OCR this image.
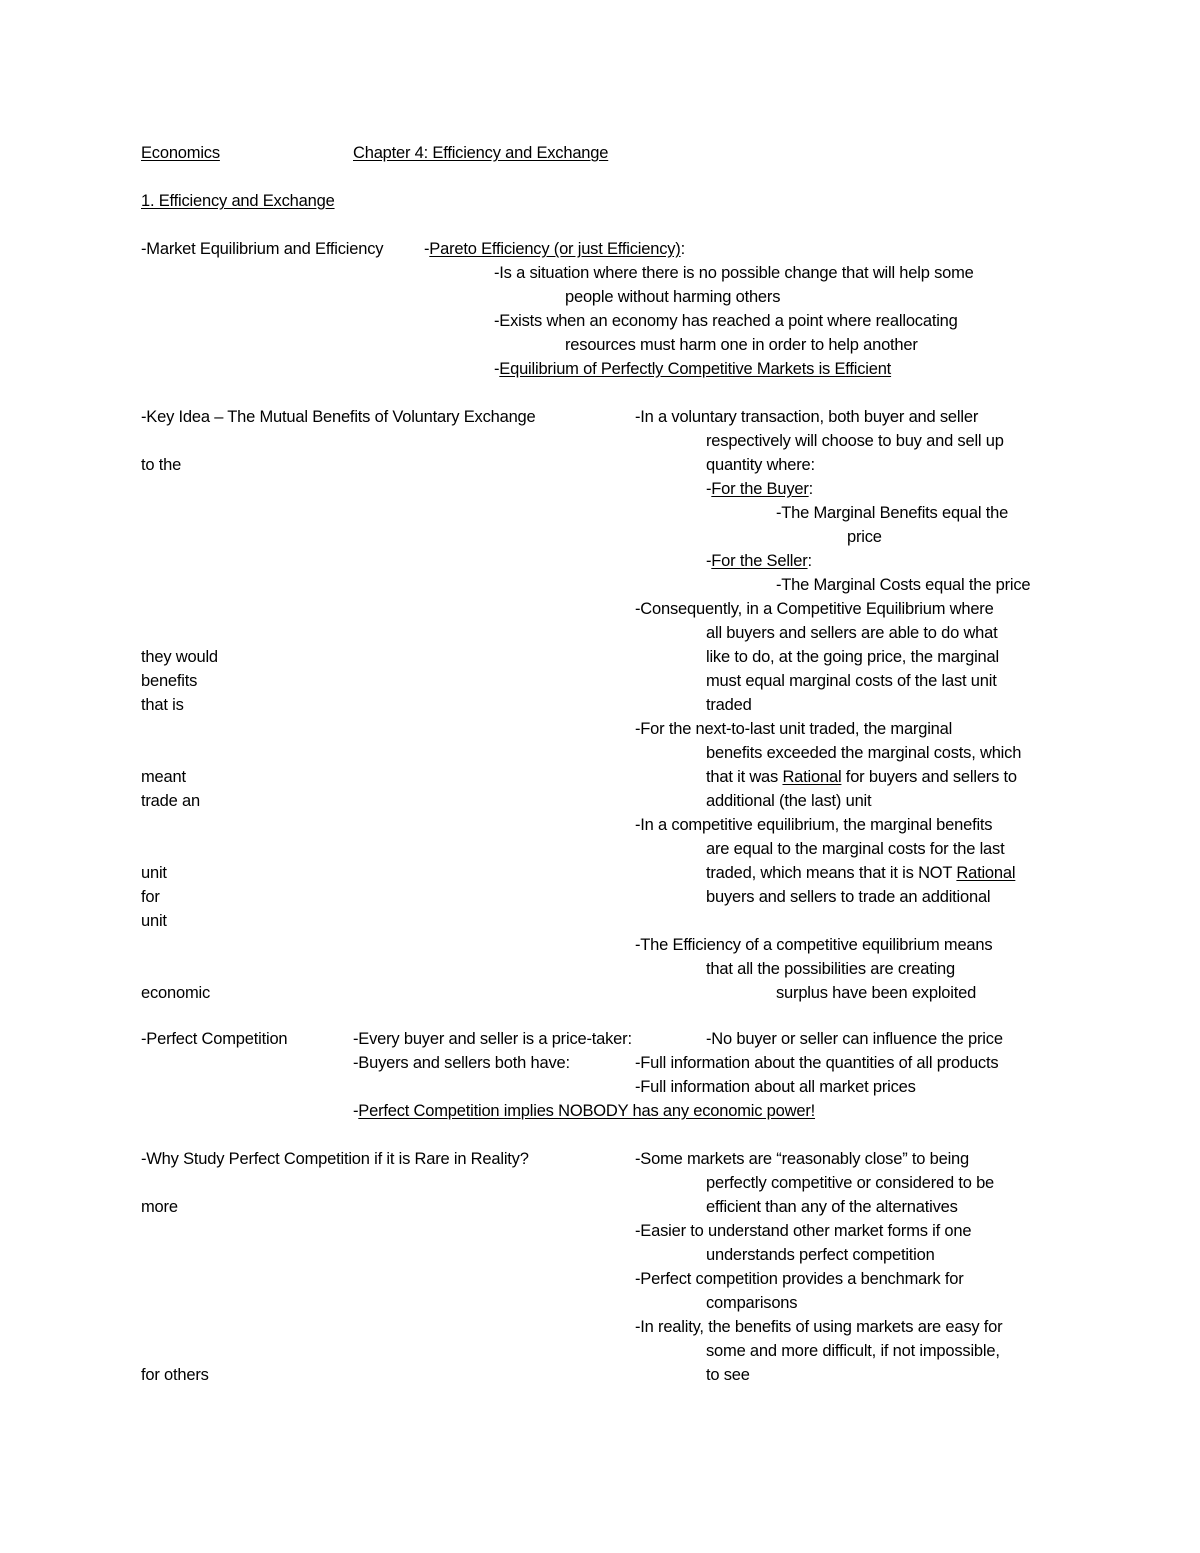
Economics	Chapter 4: Efficiency and Exchange
1. Efficiency and Exchange
-Market Equilibrium and Efficiency -Pareto Efficiency (or just Efficiency):
-Is a situation where there is no possible change that will help some
people without harming others
-Exists when an economy has reached a point where reallocating
resources must harm one in order to help another
-Equilibrium of Perfectly Competitive Markets is Efficient
-Key Idea – The Mutual Benefits of Voluntary Exchange	-In a voluntary transaction, both buyer and seller
respectively will choose to buy and sell up
to the	quantity where:
-For the Buyer:
-The Marginal Benefits equal the
price
-For the Seller:
-The Marginal Costs equal the price
-Consequently, in a Competitive Equilibrium where
all buyers and sellers are able to do what
they would	like to do, at the going price, the marginal
benefits	must equal marginal costs of the last unit
that is	traded
-For the next-to-last unit traded, the marginal
benefits exceeded the marginal costs, which
meant	that it was Rational for buyers and sellers to
trade an	additional (the last) unit
-In a competitive equilibrium, the marginal benefits
are equal to the marginal costs for the last
unit	traded, which means that it is NOT Rational
for	buyers and sellers to trade an additional
unit
-The Efficiency of a competitive equilibrium means
that all the possibilities are creating
economic	surplus have been exploited
-Perfect Competition	-Every buyer and seller is a price-taker:	-No buyer or seller can influence the price
-Buyers and sellers both have:	-Full information about the quantities of all products
-Full information about all market prices
-Perfect Competition implies NOBODY has any economic power!
-Why Study Perfect Competition if it is Rare in Reality?	-Some markets are “reasonably close” to being
perfectly competitive or considered to be
more	efficient than any of the alternatives
-Easier to understand other market forms if one
understands perfect competition
-Perfect competition provides a benchmark for
comparisons
-In reality, the benefits of using markets are easy for
some and more difficult, if not impossible,
for others	to see
